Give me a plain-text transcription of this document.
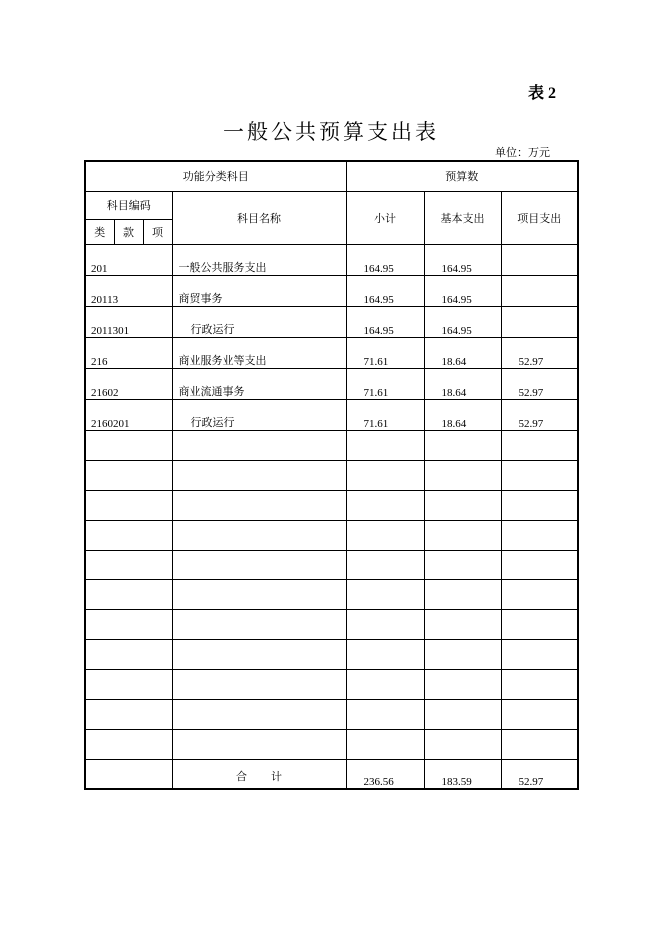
表 2
一般公共预算支出表
单位：万元
功能分类科目				预算数		
科目编码			科目名称	小计	基本支出	项目支出
类	款	项				
201			一般公共服务支出	164.95	164.95	
20113			商贸事务	164.95	164.95	
2011301			行政运行	164.95	164.95	
216			商业服务业等支出	71.61	18.64	52.97
21602			商业流通事务	71.61	18.64	52.97
2160201			行政运行	71.61	18.64	52.97

			合 计	236.56	183.59	52.97
